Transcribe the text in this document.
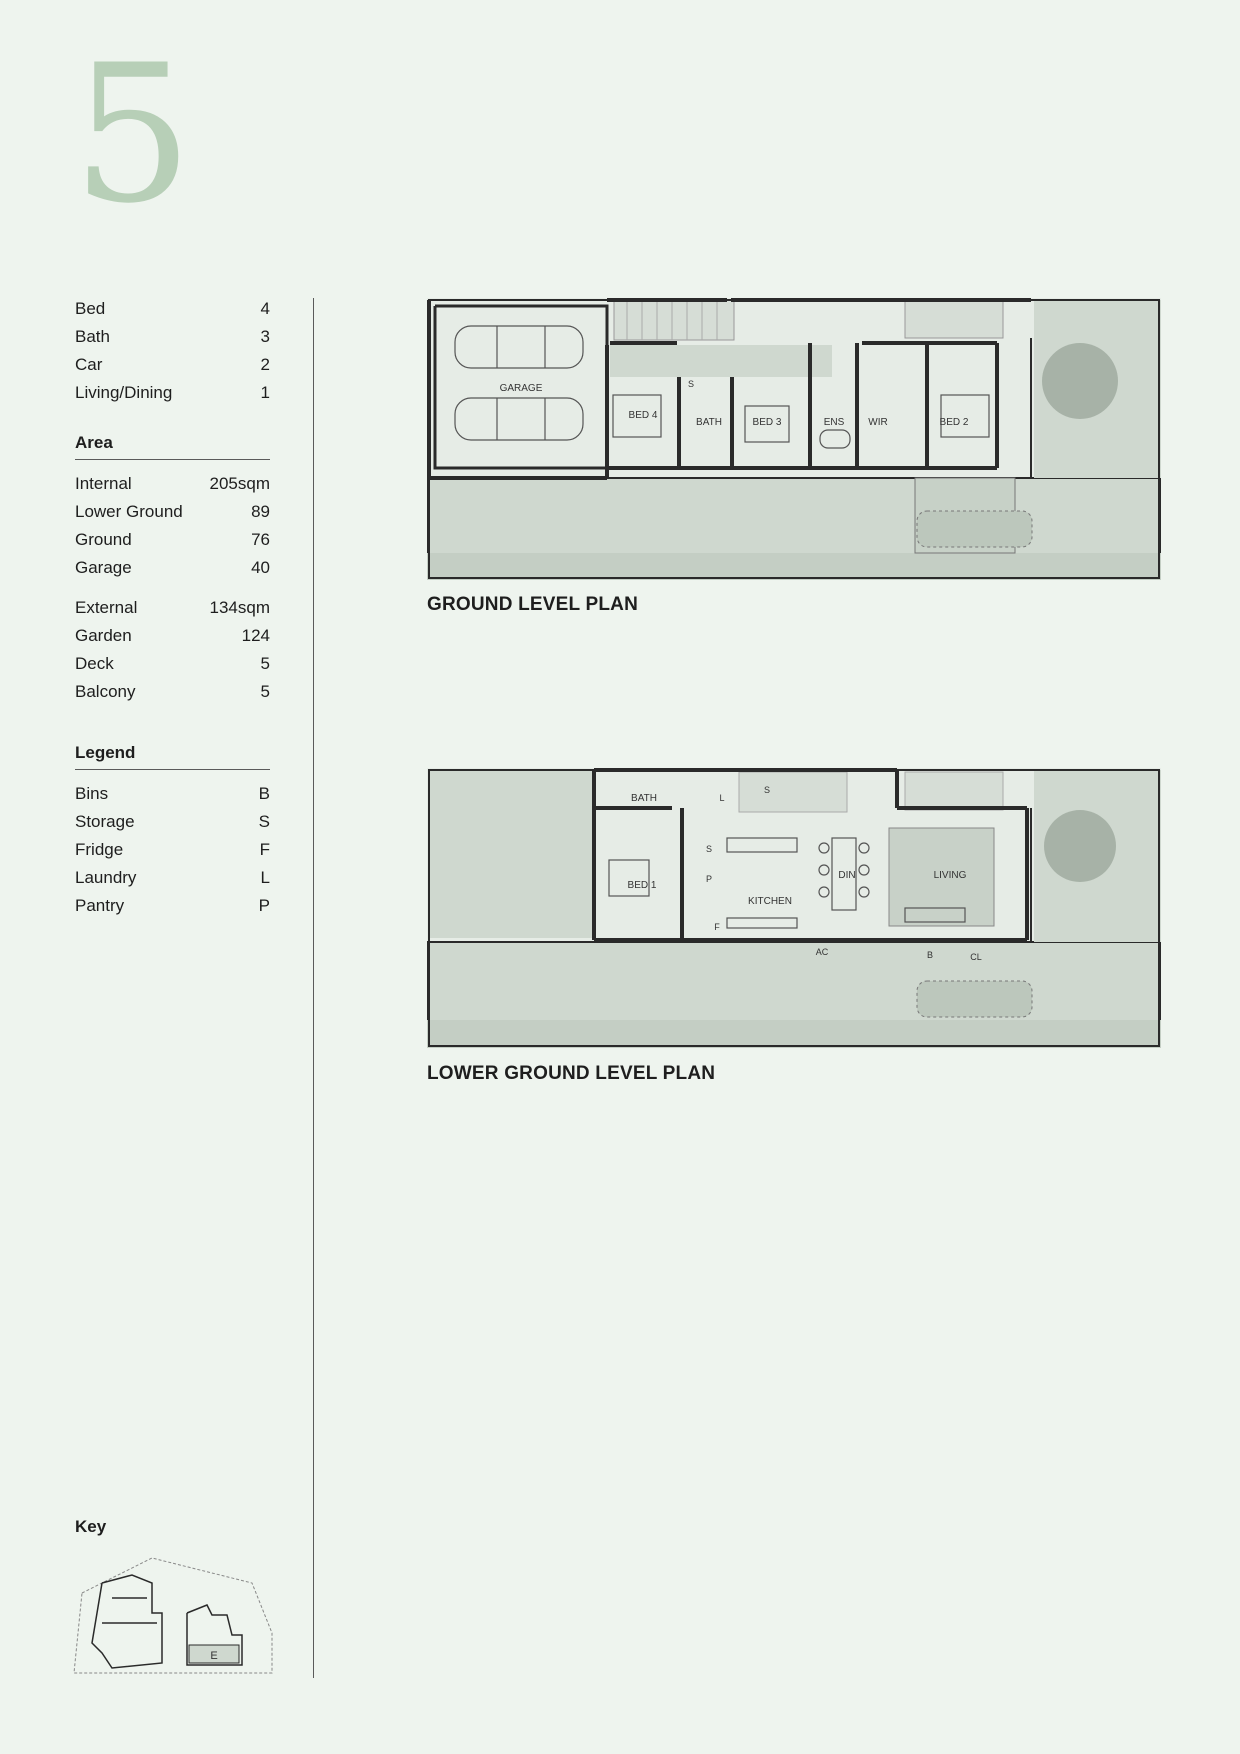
5
Bed	4
Bath	3
Car	2
Living/Dining	1
Area
Internal	205sqm
Lower Ground	89
Ground	76
Garage	40
External	134sqm
Garden	124
Deck	5
Balcony	5
Legend
Bins	B
Storage	S
Fridge	F
Laundry	L
Pantry	P
GARAGE
BED 4
S
BATH	BED 3	ENS WIR	BED 2
GROUND LEVEL PLAN
BATH	L
S
S
BED 1
P
KITCHEN
F
DIN	LIVING
AC	B	CL
LOWER GROUND LEVEL PLAN
Key
E
